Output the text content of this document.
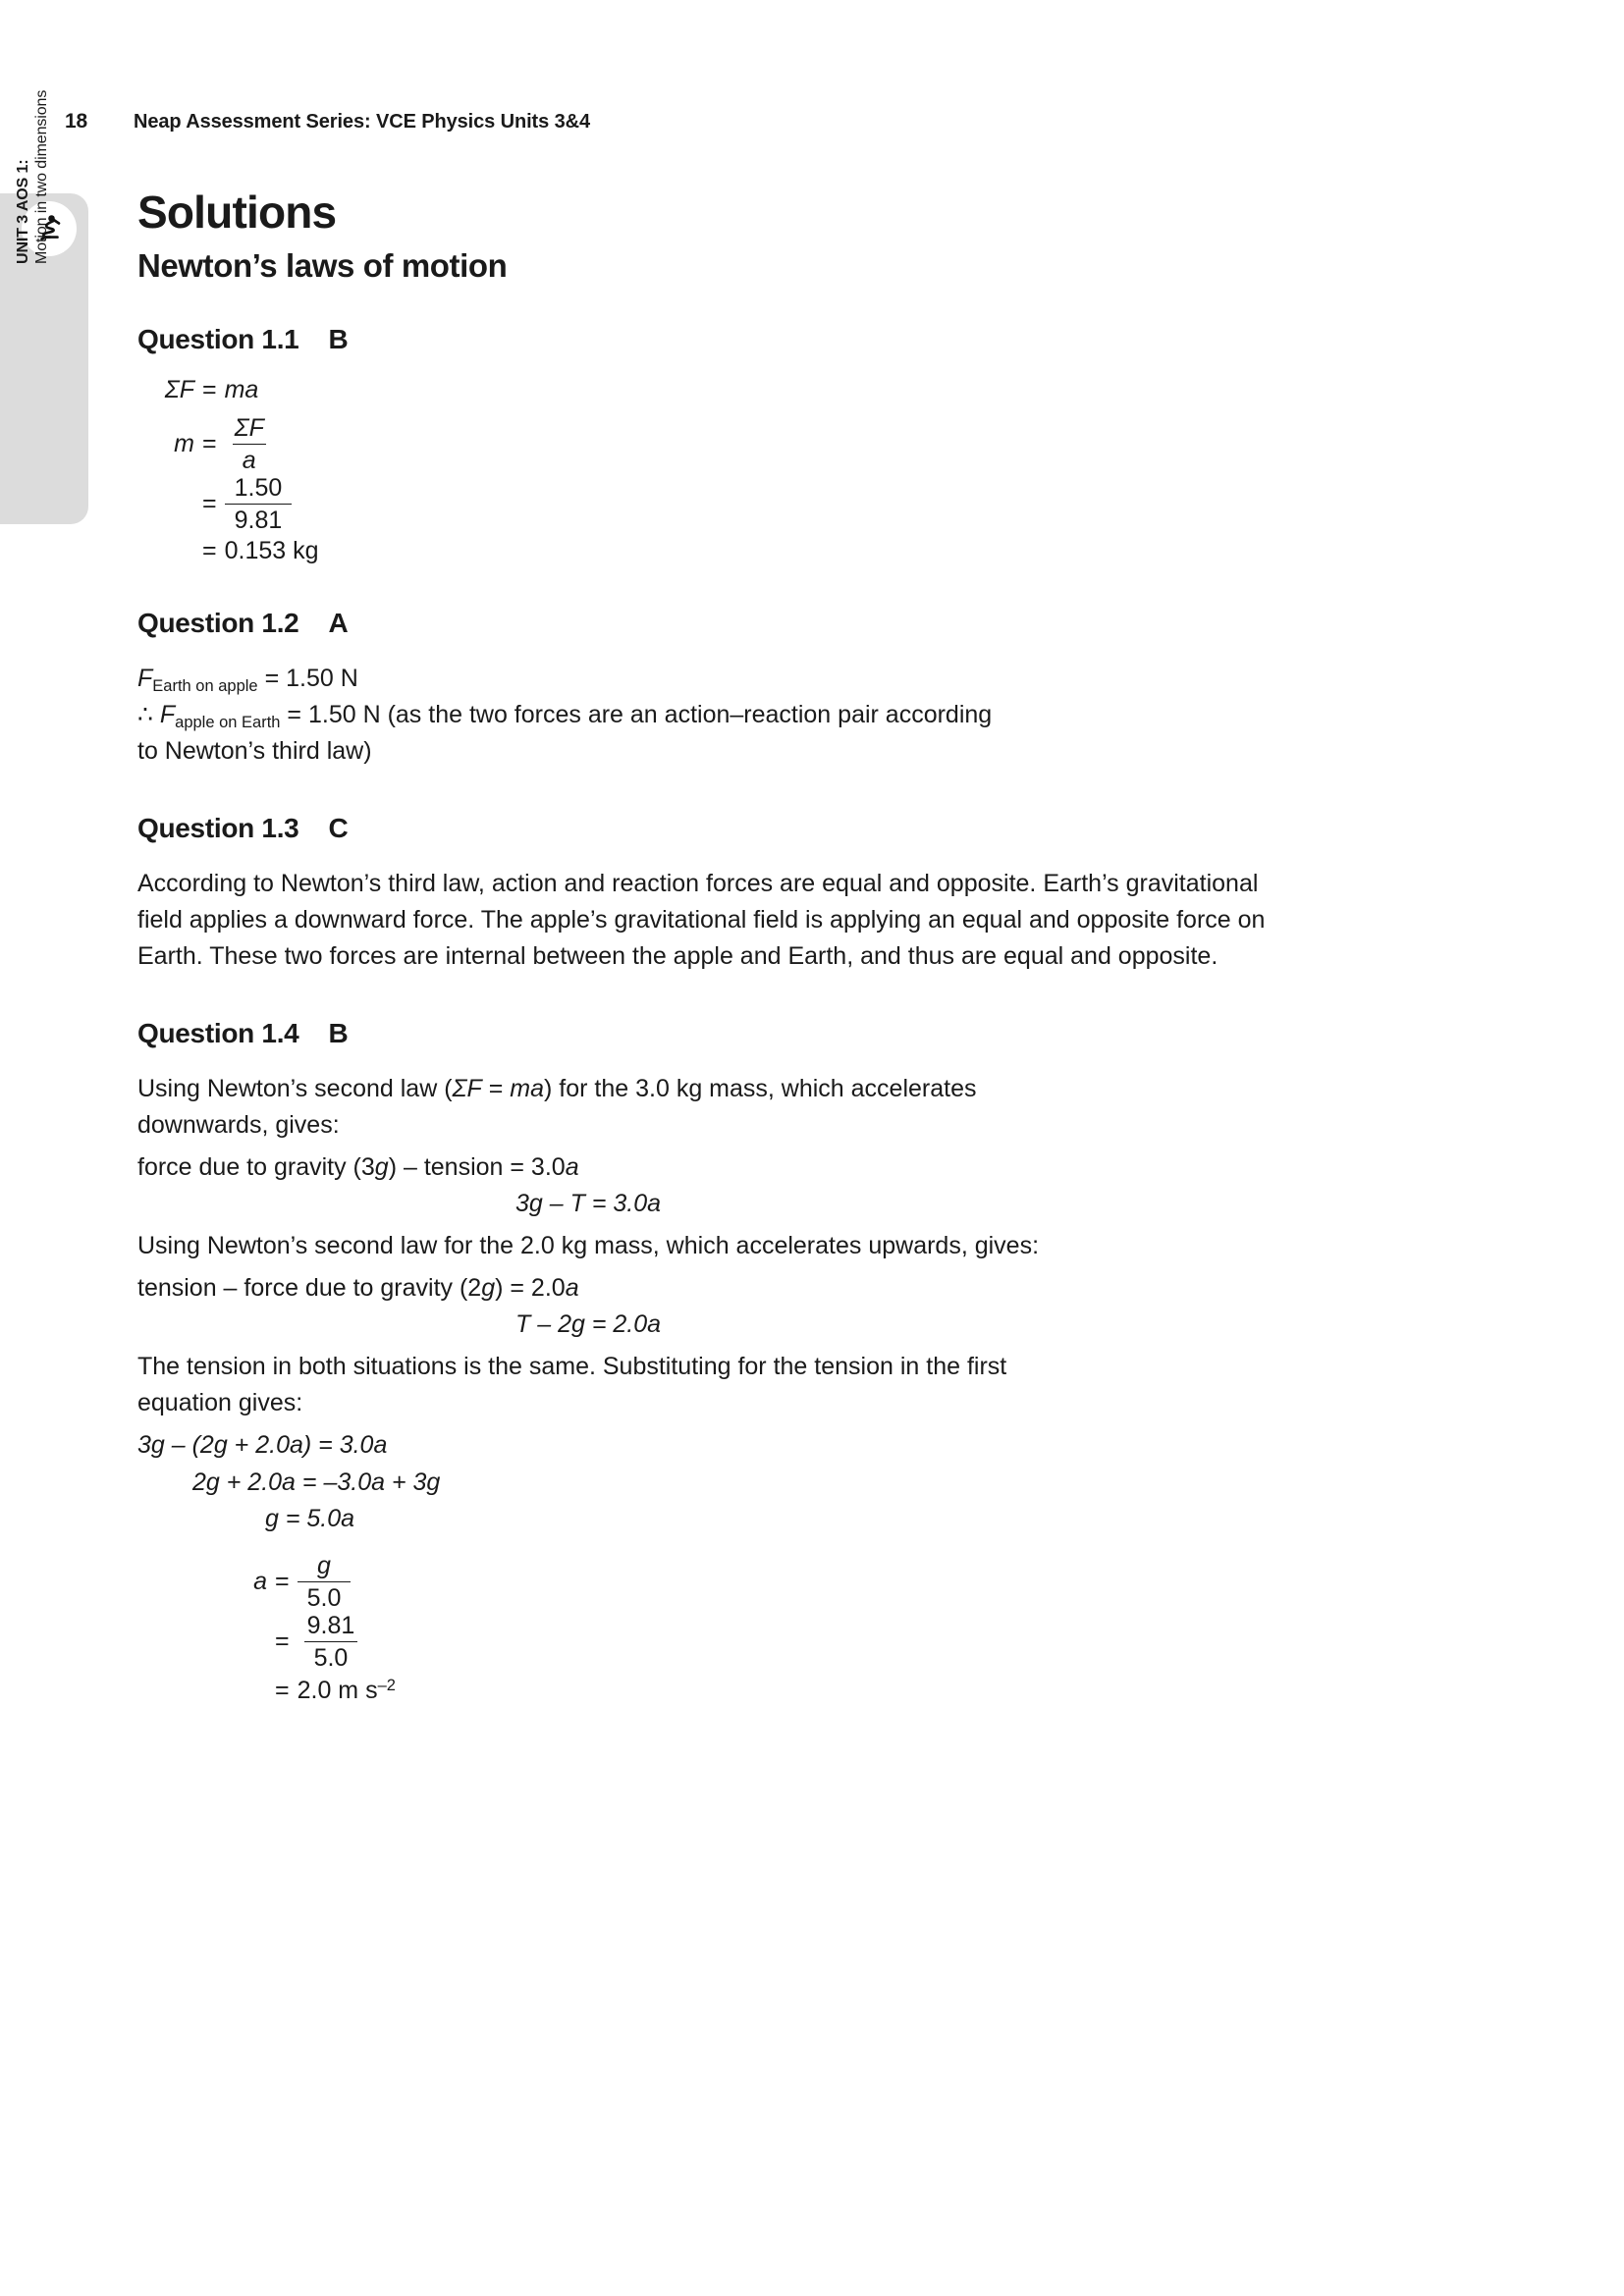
18	Neap Assessment Series: VCE Physics Units 3&4
UNIT 3 AOS 1: Motion in two dimensions Solutions
Newton’s laws of motion
Question 1.1 B
ΣF = ma
$m = \frac{\Sigma F}{a}$
= $\frac{1.50}{9.81}$
= 0.153 kg
Question 1.2 A

$F_{Earth on apple} = 1.50$ N

∴ $F_{apple on Earth} = 1.50$ N (as the two forces are an action–reaction pair according

to Newton’s third law)

Question 1.3 C

According to Newton’s third law, action and reaction forces are equal and opposite. Earth’s gravitational field applies a downward force. The apple’s gravitational field is applying an equal and opposite force on Earth. These two forces are internal between the apple and Earth, and thus are equal and opposite.

Question 1.4 B

Using Newton’s second law (ΣF = ma) for the 3.0 kg mass, which accelerates

downwards, gives:

force due to gravity (3g) – tension = 3.0a

3g – T = 3.0a

Using Newton’s second law for the 2.0 kg mass, which accelerates upwards, gives:

tension – force due to gravity (2g) = 2.0a

T – 2g = 2.0a

The tension in both situations is the same. Substituting for the tension in the first

equation gives:

3g – (2g + 2.0a) = 3.0a
2g + 2.0a = –3.0a + 3g
g = 5.0a
$a = \frac{g}{5.0}$
= $\frac{9.81}{5.0}$
= 2.0 m $s^{-2}$
